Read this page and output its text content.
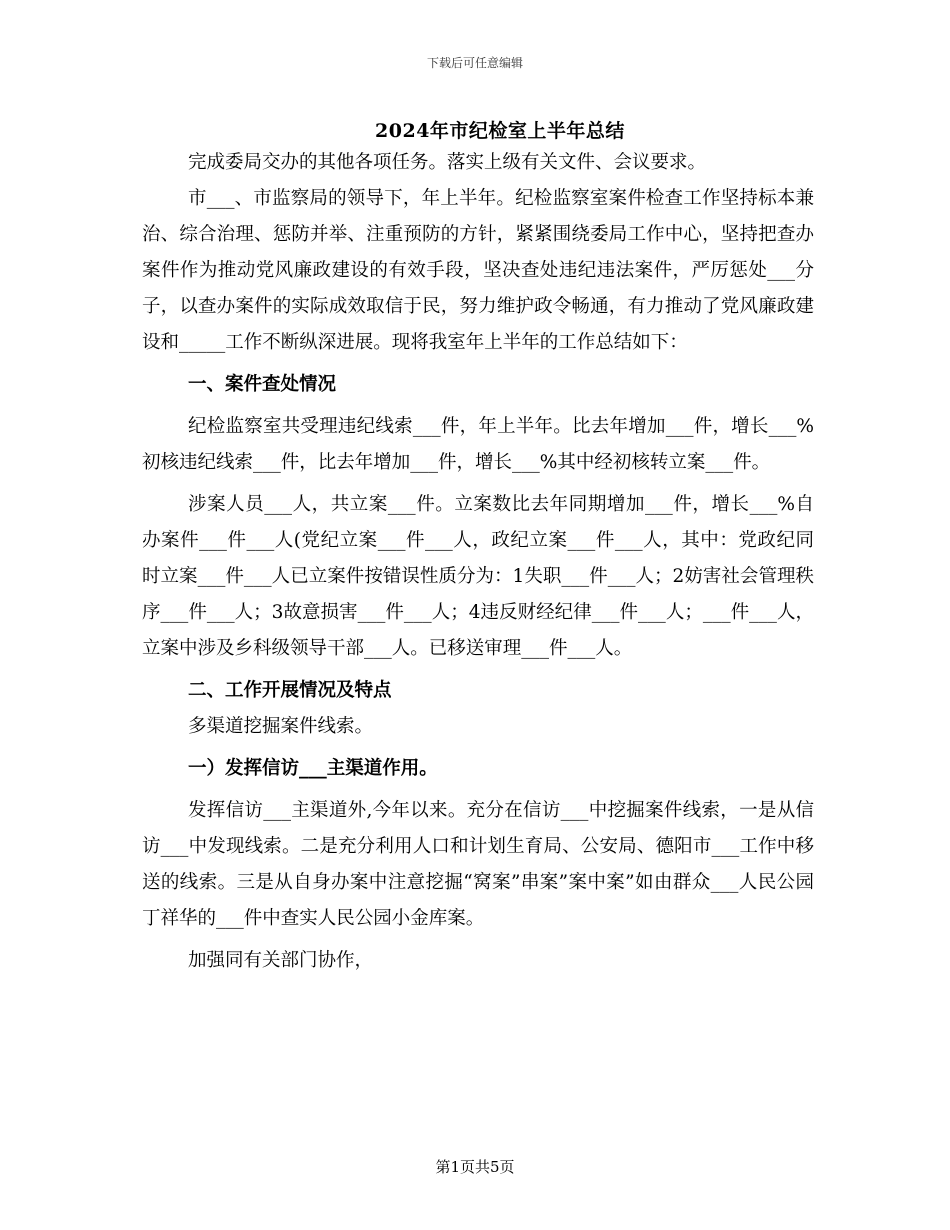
下载后可任意编辑
2024年市纪检室上半年总结

完成委局交办的其他各项任务。落实上级有关文件、会议要求。

市___、市监察局的领导下，年上半年。纪检监察室案件检查工作坚持标本兼治、综合治理、惩防并举、注重预防的方针，紧紧围绕委局工作中心，坚持把查办案件作为推动党风廉政建设的有效手段，坚决查处违纪违法案件，严厉惩处___分子，以查办案件的实际成效取信于民，努力维护政令畅通，有力推动了党风廉政建设和_____工作不断纵深进展。现将我室年上半年的工作总结如下：

一、案件查处情况

纪检监察室共受理违纪线索___件，年上半年。比去年增加___件，增长___%初核违纪线索___件，比去年增加___件，增长___%其中经初核转立案___件。

涉案人员___人，共立案___件。立案数比去年同期增加___件，增长___%自办案件___件___人(党纪立案___件___人，政纪立案___件___人，其中：党政纪同时立案___件___人已立案件按错误性质分为：1失职___件___人；2妨害社会管理秩序___件___人；3故意损害___件___人；4违反财经纪律___件___人；___件___人，立案中涉及乡科级领导干部___人。已移送审理___件___人。

二、工作开展情况及特点

多渠道挖掘案件线索。

一）发挥信访___主渠道作用。

发挥信访___主渠道外,今年以来。充分在信访___中挖掘案件线索，一是从信访___中发现线索。二是充分利用人口和计划生育局、公安局、德阳市___工作中移送的线索。三是从自身办案中注意挖掘“窝案”串案”案中案”如由群众___人民公园丁祥华的___件中查实人民公园小金库案。

加强同有关部门协作，

第1页共5页
